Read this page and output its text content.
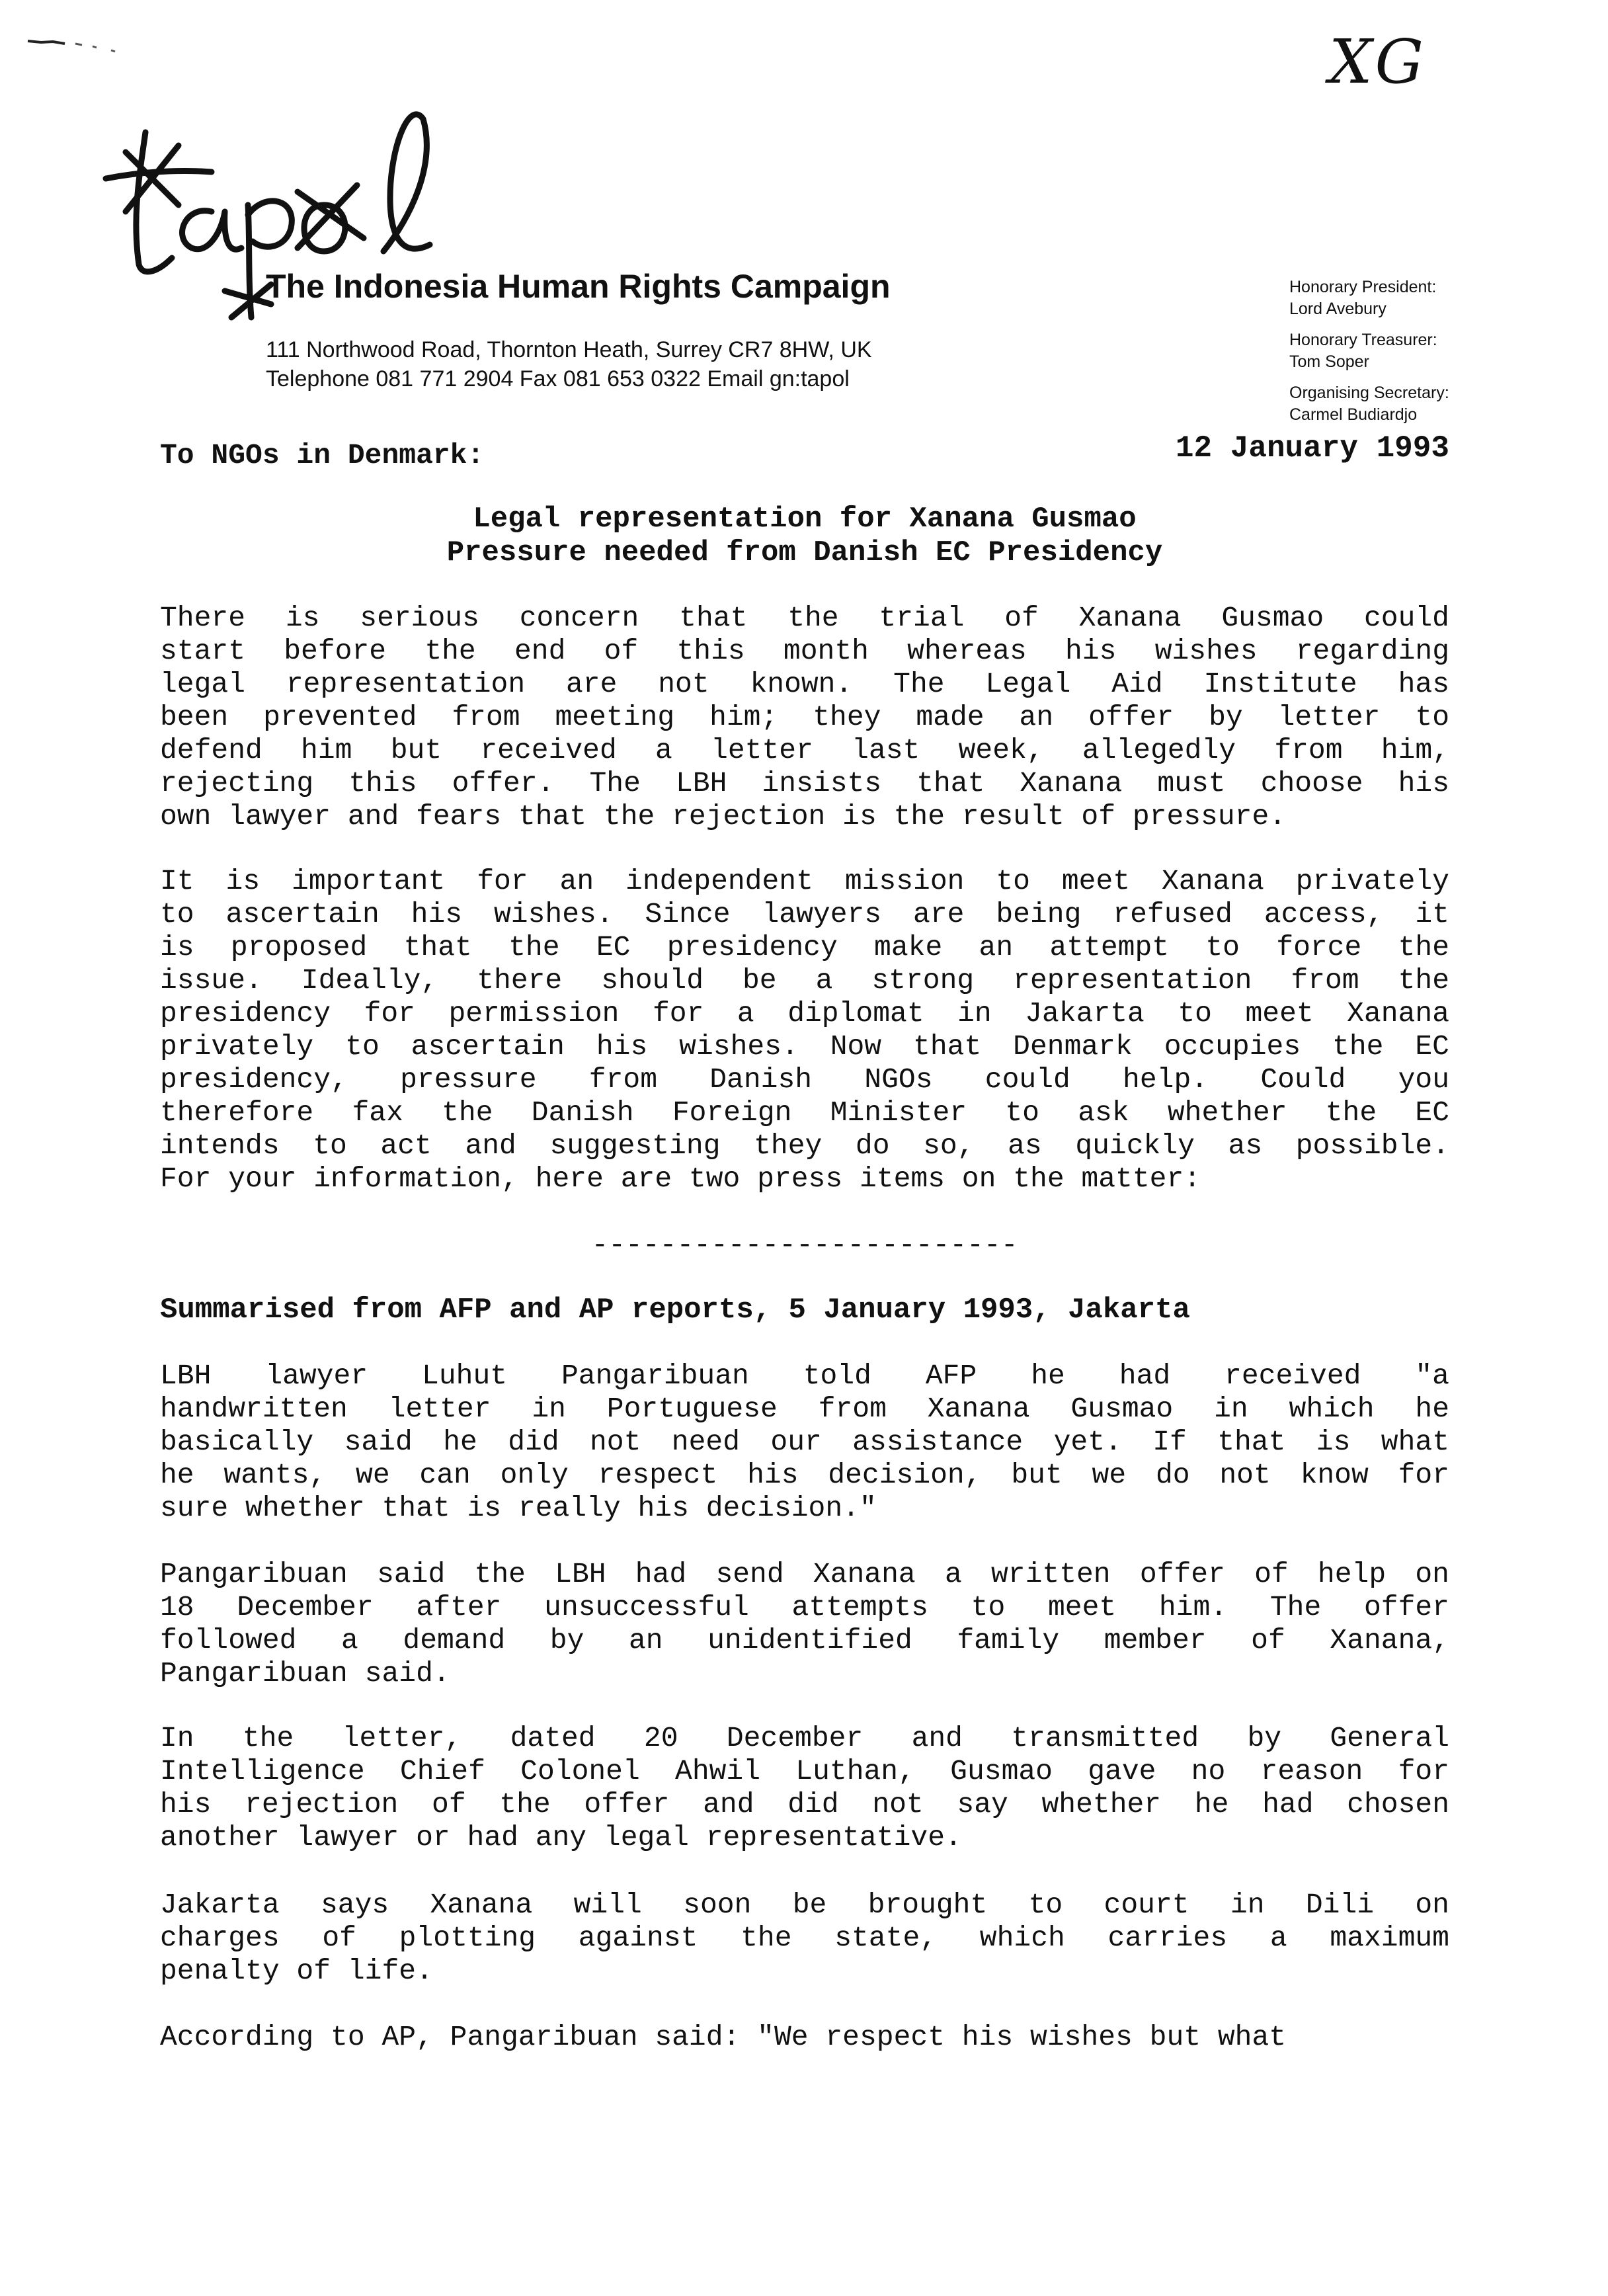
XG
The Indonesia Human Rights Campaign
111 Northwood Road, Thornton Heath, Surrey CR7 8HW, UK
Telephone 081 771 2904 Fax 081 653 0322 Email gn:tapol
Honorary President:
Lord Avebury
Honorary Treasurer:
Tom Soper
Organising Secretary:
Carmel Budiardjo
To NGOs in Denmark:	12 January 1993
Legal representation for Xanana Gusmao
Pressure needed from Danish EC Presidency
There is serious concern that the trial of Xanana Gusmao could
start before the end of this month whereas his wishes regarding
legal representation are not known. The Legal Aid Institute has
been prevented from meeting him; they made an offer by letter to
defend him but received a letter last week, allegedly from him,
rejecting this offer. The LBH insists that Xanana must choose his
own lawyer and fears that the rejection is the result of pressure.
It is important for an independent mission to meet Xanana privately
to ascertain his wishes. Since lawyers are being refused access, it
is proposed that the EC presidency make an attempt to force the
issue. Ideally, there should be a strong representation from the
presidency for permission for a diplomat in Jakarta to meet Xanana
privately to ascertain his wishes. Now that Denmark occupies the EC
presidency, pressure from Danish NGOs could help. Could you
therefore fax the Danish Foreign Minister to ask whether the EC
intends to act and suggesting they do so, as quickly as possible.
For your information, here are two press items on the matter:
-------------------------
Summarised from AFP and AP reports, 5 January 1993, Jakarta
LBH lawyer Luhut Pangaribuan told AFP he had received "a
handwritten letter in Portuguese from Xanana Gusmao in which he
basically said he did not need our assistance yet. If that is what
he wants, we can only respect his decision, but we do not know for
sure whether that is really his decision."
Pangaribuan said the LBH had send Xanana a written offer of help on
18 December after unsuccessful attempts to meet him. The offer
followed a demand by an unidentified family member of Xanana,
Pangaribuan said.
In the letter, dated 20 December and transmitted by General
Intelligence Chief Colonel Ahwil Luthan, Gusmao gave no reason for
his rejection of the offer and did not say whether he had chosen
another lawyer or had any legal representative.
Jakarta says Xanana will soon be brought to court in Dili on
charges of plotting against the state, which carries a maximum
penalty of life.
According to AP, Pangaribuan said: "We respect his wishes but what
